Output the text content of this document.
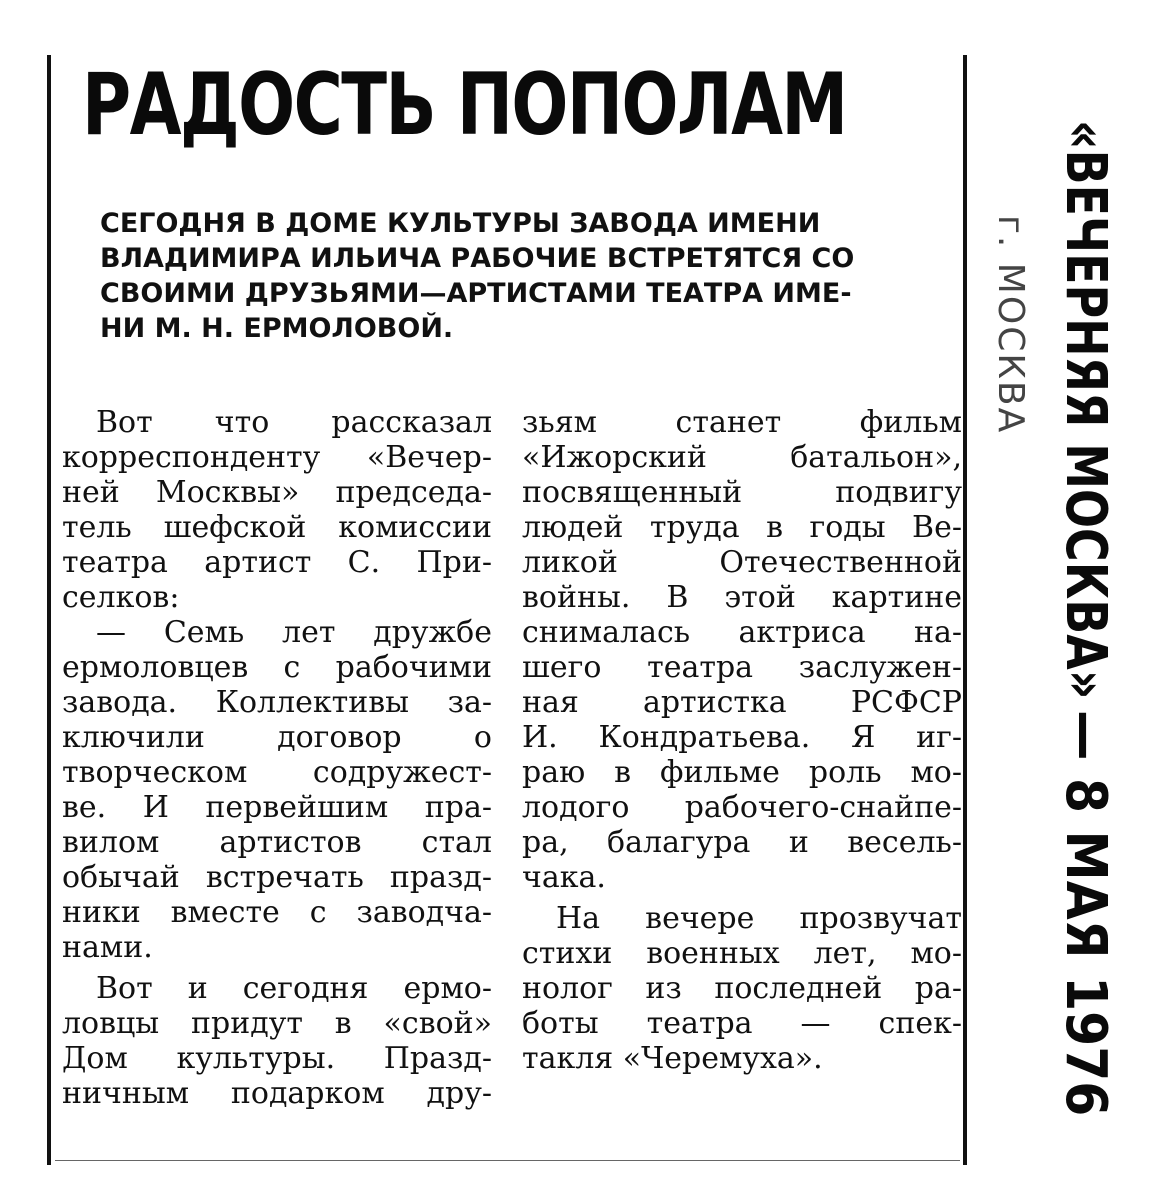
РАДОСТЬ ПОПОЛАМ
СЕГОДНЯ В ДОМЕ КУЛЬТУРЫ ЗАВОДА ИМЕНИ
ВЛАДИМИРА ИЛЬИЧА РАБОЧИЕ ВСТРЕТЯТСЯ СО
СВОИМИ ДРУЗЬЯМИ—АРТИСТАМИ ТЕАТРА ИМЕ-
НИ М. Н. ЕРМОЛОВОЙ.
Вот что рассказал
корреспонденту «Вечер-
ней Москвы» председа-
тель шефской комиссии
театра артист С. При-
селков:
— Семь лет дружбе
ермоловцев с рабочими
завода. Коллективы за-
ключили договор о
творческом содружест-
ве. И первейшим пра-
вилом артистов стал
обычай встречать празд-
ники вместе с заводча-
нами.
Вот и сегодня ермо-
ловцы придут в «свой»
Дом культуры. Празд-
ничным подарком дру-
зьям станет фильм
«Ижорский батальон»,
посвященный подвигу
людей труда в годы Ве-
ликой Отечественной
войны. В этой картине
снималась актриса на-
шего театра заслужен-
ная артистка РСФСР
И. Кондратьева. Я иг-
раю в фильме роль мо-
лодого рабочего-снайпе-
ра, балагура и весель-
чака.
На вечере прозвучат
стихи военных лет, мо-
нолог из последней ра-
боты театра — спек-
такля «Черемуха».
«ВЕЧЕРНЯЯ МОСКВА»
— 8 МАЯ 1976
г. МОСКВА
